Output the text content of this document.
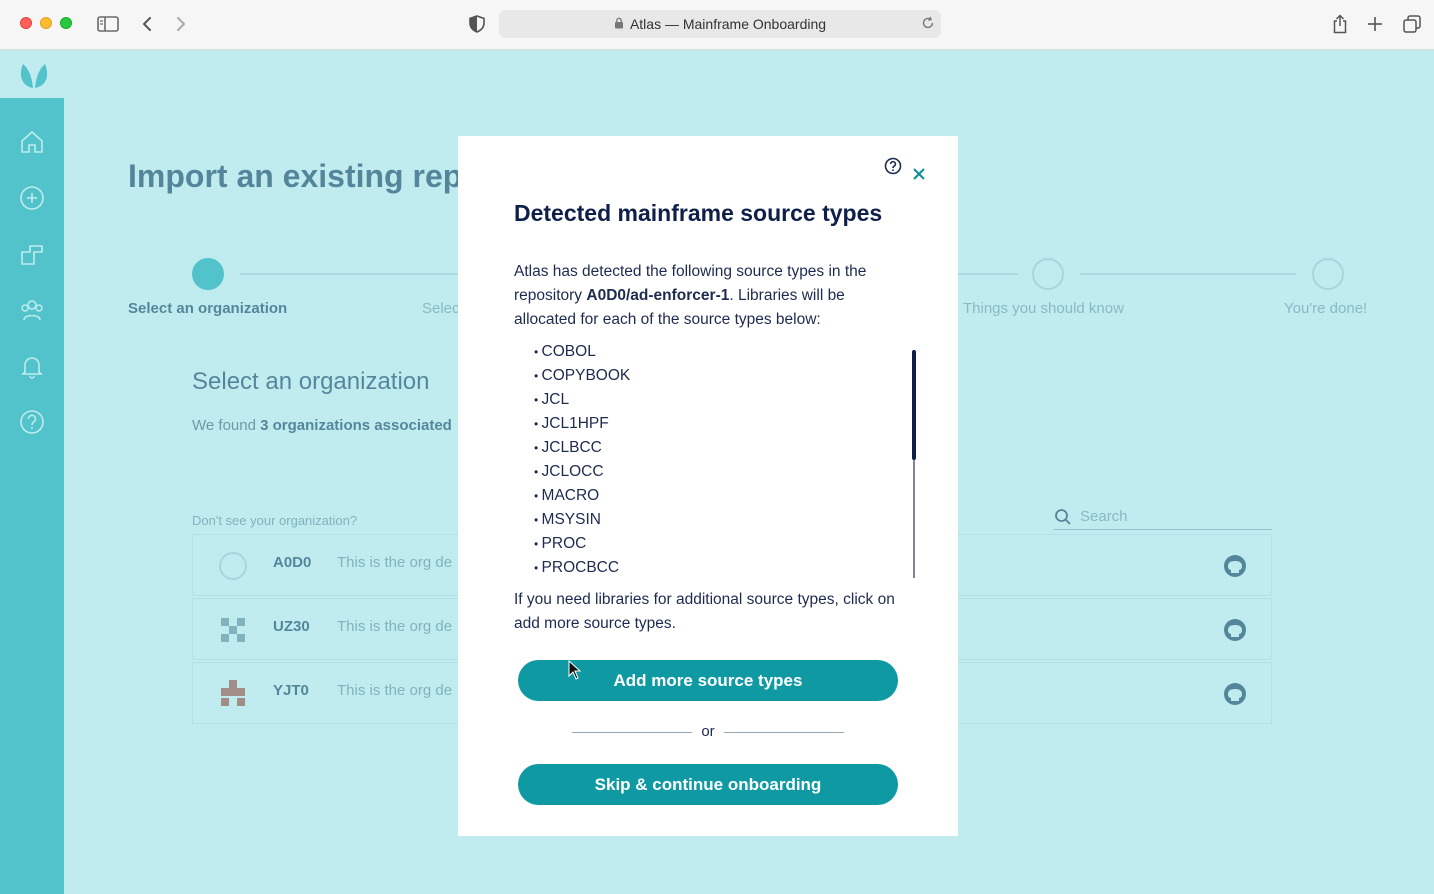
Atlas — Mainframe Onboarding
Detected mainframe source types
Atlas has detected the following source types in the repository A0D0/ad-enforcer-1. Libraries will be allocated for each of the source types below:
• COBOL
• COPYBOOK
• JCL
• JCL1HPF
• JCLBCC
• JCLOCC
• MACRO
• MSYSIN
• PROC
• PROCBCC
If you need libraries for additional source types, click on add more source types.
Add more source types
or
Skip & continue onboarding
